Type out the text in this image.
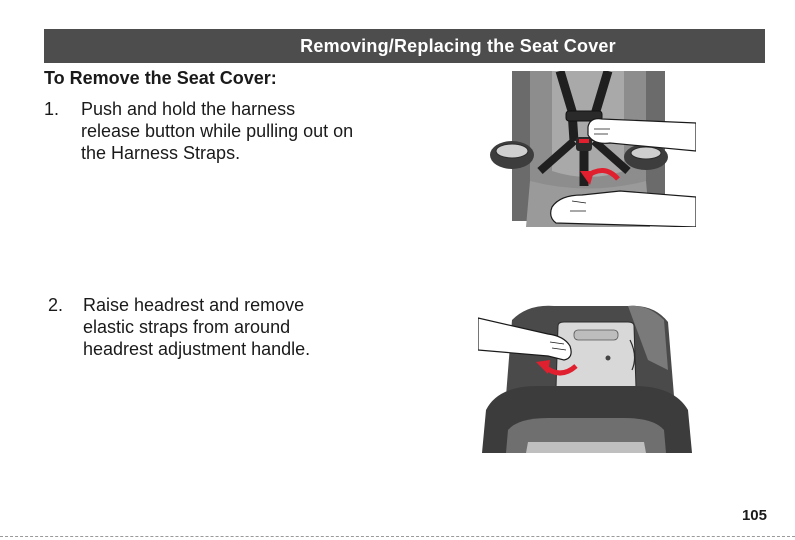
Removing/Replacing the Seat Cover
To Remove the Seat Cover:
1. Push and hold the harness
release button while pulling out on
the Harness Straps.
2. Raise headrest and remove
elastic straps from around
headrest adjustment handle.
105
